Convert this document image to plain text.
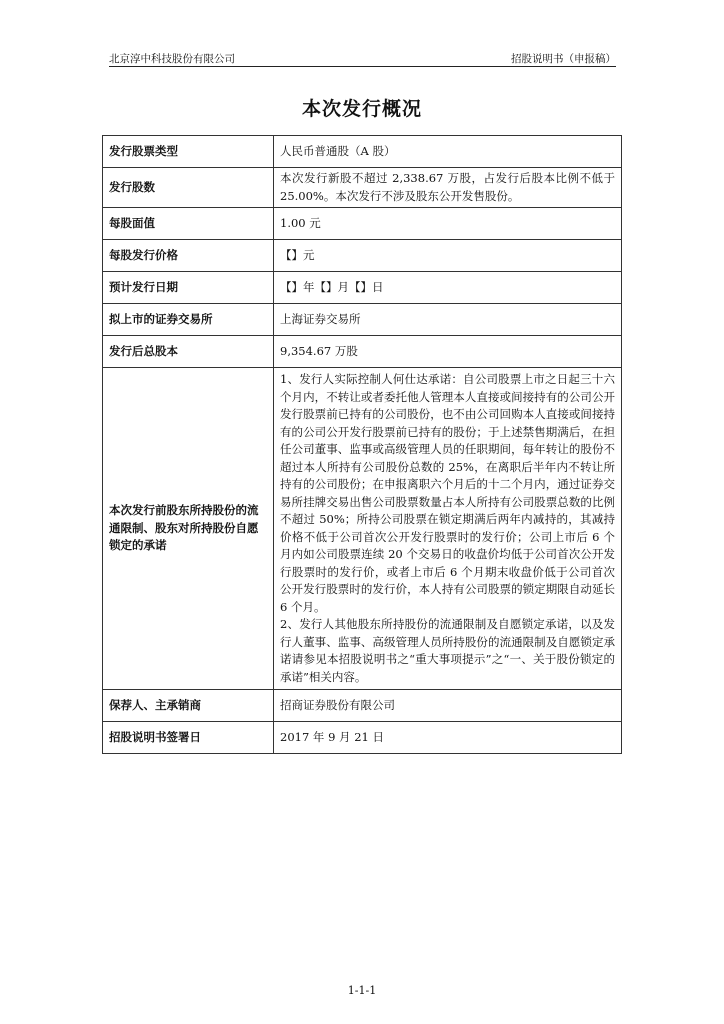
北京淳中科技股份有限公司	招股说明书（申报稿）
本次发行概况
发行股票类型	人民币普通股（A 股）
发行股数	本次发行新股不超过 2,338.67 万股，占发行后股本比例不低于 25.00%。本次发行不涉及股东公开发售股份。
每股面值	1.00 元
每股发行价格	【】元
预计发行日期	【】年【】月【】日
拟上市的证券交易所	上海证券交易所
发行后总股本	9,354.67 万股
本次发行前股东所持股份的流通限制、股东对所持股份自愿锁定的承诺	1、发行人实际控制人何仕达承诺：自公司股票上市之日起三十六个月内，不转让或者委托他人管理本人直接或间接持有的公司公开发行股票前已持有的公司股份，也不由公司回购本人直接或间接持有的公司公开发行股票前已持有的股份；于上述禁售期满后，在担任公司董事、监事或高级管理人员的任职期间，每年转让的股份不超过本人所持有公司股份总数的 25%，在离职后半年内不转让所持有的公司股份；在申报离职六个月后的十二个月内，通过证券交易所挂牌交易出售公司股票数量占本人所持有公司股票总数的比例不超过 50%；所持公司股票在锁定期满后两年内减持的，其减持价格不低于公司首次公开发行股票时的发行价；公司上市后 6 个月内如公司股票连续 20 个交易日的收盘价均低于公司首次公开发行股票时的发行价，或者上市后 6 个月期末收盘价低于公司首次公开发行股票时的发行价，本人持有公司股票的锁定期限自动延长 6 个月。
2、发行人其他股东所持股份的流通限制及自愿锁定承诺，以及发行人董事、监事、高级管理人员所持股份的流通限制及自愿锁定承诺请参见本招股说明书之“重大事项提示”之“一、关于股份锁定的承诺”相关内容。
保荐人、主承销商	招商证券股份有限公司
招股说明书签署日	2017 年 9 月 21 日
1-1-1
